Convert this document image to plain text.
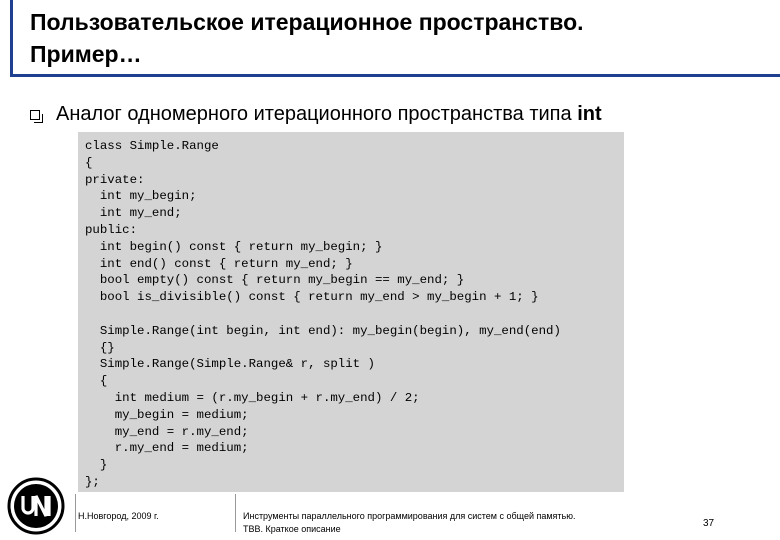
Пользовательское итерационное пространство.
Пример…
Аналог одномерного итерационного пространства типа int
class Simple.Range
{
private:
int my_begin;
int my_end;
public:
int begin() const { return my_begin; }
int end() const { return my_end; }
bool empty() const { return my_begin == my_end; }
bool is_divisible() const { return my_end > my_begin + 1; }
Simple.Range(int begin, int end): my_begin(begin), my_end(end)
{}
Simple.Range(Simple.Range& r, split )
{
int medium = (r.my_begin + r.my_end) / 2;
my_begin = medium;
my_end = r.my_end;
r.my_end = medium;
}
};
Н.Новгород, 2009 г.	Инструменты параллельного программирования для систем с общей памятью.
TBB. Краткое описание	37
